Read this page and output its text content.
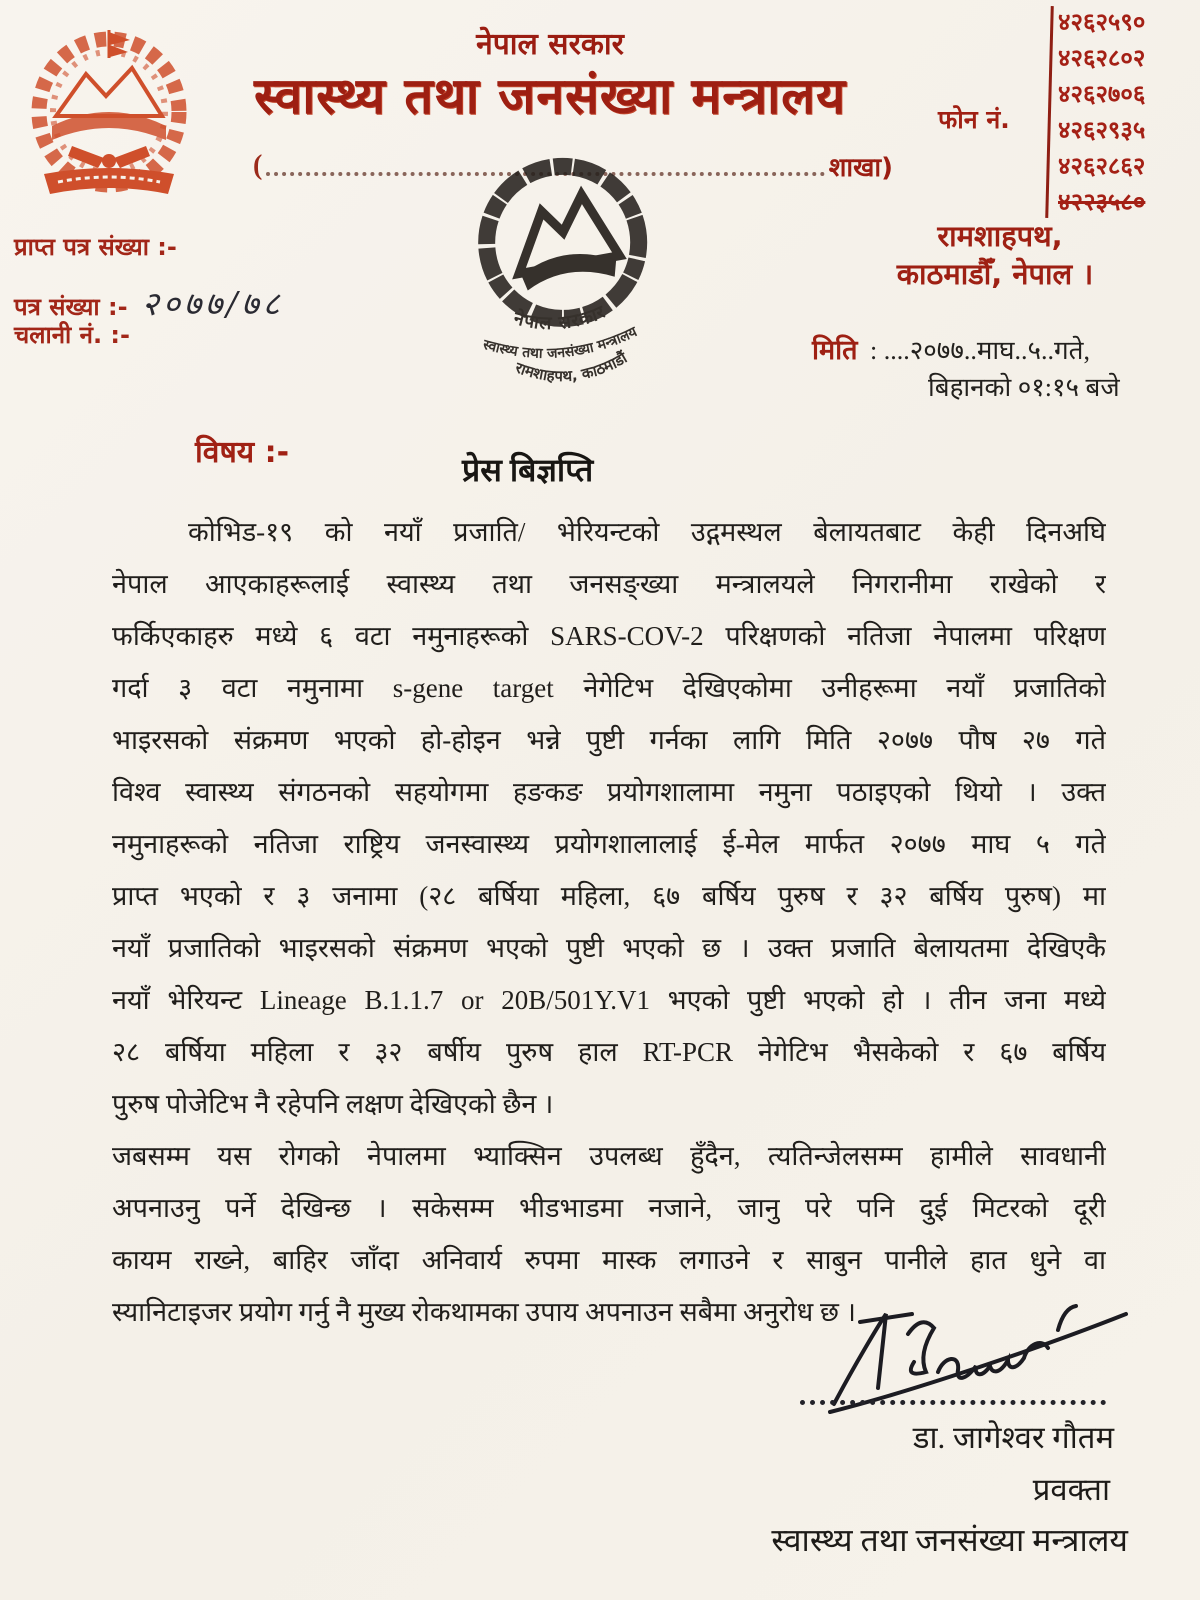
नेपाल सरकार
स्वास्थ्य तथा जनसंख्या मन्त्रालय
(	शाखा)
फोन नं.
४२६२५९०
४२६२८०२
४२६२७०६
४२६२९३५
४२६२८६२
४२२३५८०
प्राप्त पत्र संख्या :-
पत्र संख्या :- २०७७/७८
चलानी नं. :-
रामशाहपथ,
काठमाडौँ, नेपाल ।
मिति : ....२०७७..माघ..५..गते,
बिहानको ०१:१५ बजे
नेपाल सरकार
स्वास्थ्य तथा जनसंख्या मन्त्रालय
रामशाहपथ, काठमाडौं
विषय :-	प्रेस बिज्ञप्ति
कोभिड-१९ को नयाँ प्रजाति/ भेरियन्टको उद्गमस्थल बेलायतबाट केही दिनअघि
नेपाल आएकाहरूलाई स्वास्थ्य तथा जनसङ्ख्या मन्त्रालयले निगरानीमा राखेको र
फर्किएकाहरु मध्ये ६ वटा नमुनाहरूको SARS-COV-2 परिक्षणको नतिजा नेपालमा परिक्षण
गर्दा ३ वटा नमुनामा s-gene target नेगेटिभ देखिएकोमा उनीहरूमा नयाँ प्रजातिको
भाइरसको संक्रमण भएको हो-होइन भन्ने पुष्टी गर्नका लागि मिति २०७७ पौष २७ गते
विश्व स्वास्थ्य संगठनको सहयोगमा हङकङ प्रयोगशालामा नमुना पठाइएको थियो । उक्त
नमुनाहरूको नतिजा राष्ट्रिय जनस्वास्थ्य प्रयोगशालालाई ई-मेल मार्फत २०७७ माघ ५ गते
प्राप्त भएको र ३ जनामा (२८ बर्षिया महिला, ६७ बर्षिय पुरुष र ३२ बर्षिय पुरुष) मा
नयाँ प्रजातिको भाइरसको संक्रमण भएको पुष्टी भएको छ । उक्त प्रजाति बेलायतमा देखिएकै
नयाँ भेरियन्ट Lineage B.1.1.7 or 20B/501Y.V1 भएको पुष्टी भएको हो । तीन जना मध्ये
२८ बर्षिया महिला र ३२ बर्षीय पुरुष हाल RT-PCR नेगेटिभ भैसकेको र ६७ बर्षिय
पुरुष पोजेटिभ नै रहेपनि लक्षण देखिएको छैन ।
जबसम्म यस रोगको नेपालमा भ्याक्सिन उपलब्ध हुँदैन, त्यतिन्जेलसम्म हामीले सावधानी
अपनाउनु पर्ने देखिन्छ । सकेसम्म भीडभाडमा नजाने, जानु परे पनि दुई मिटरको दूरी
कायम राख्ने, बाहिर जाँदा अनिवार्य रुपमा मास्क लगाउने र साबुन पानीले हात धुने वा
स्यानिटाइजर प्रयोग गर्नु नै मुख्य रोकथामका उपाय अपनाउन सबैमा अनुरोध छ ।
डा. जागेश्वर गौतम
प्रवक्ता
स्वास्थ्य तथा जनसंख्या मन्त्रालय
